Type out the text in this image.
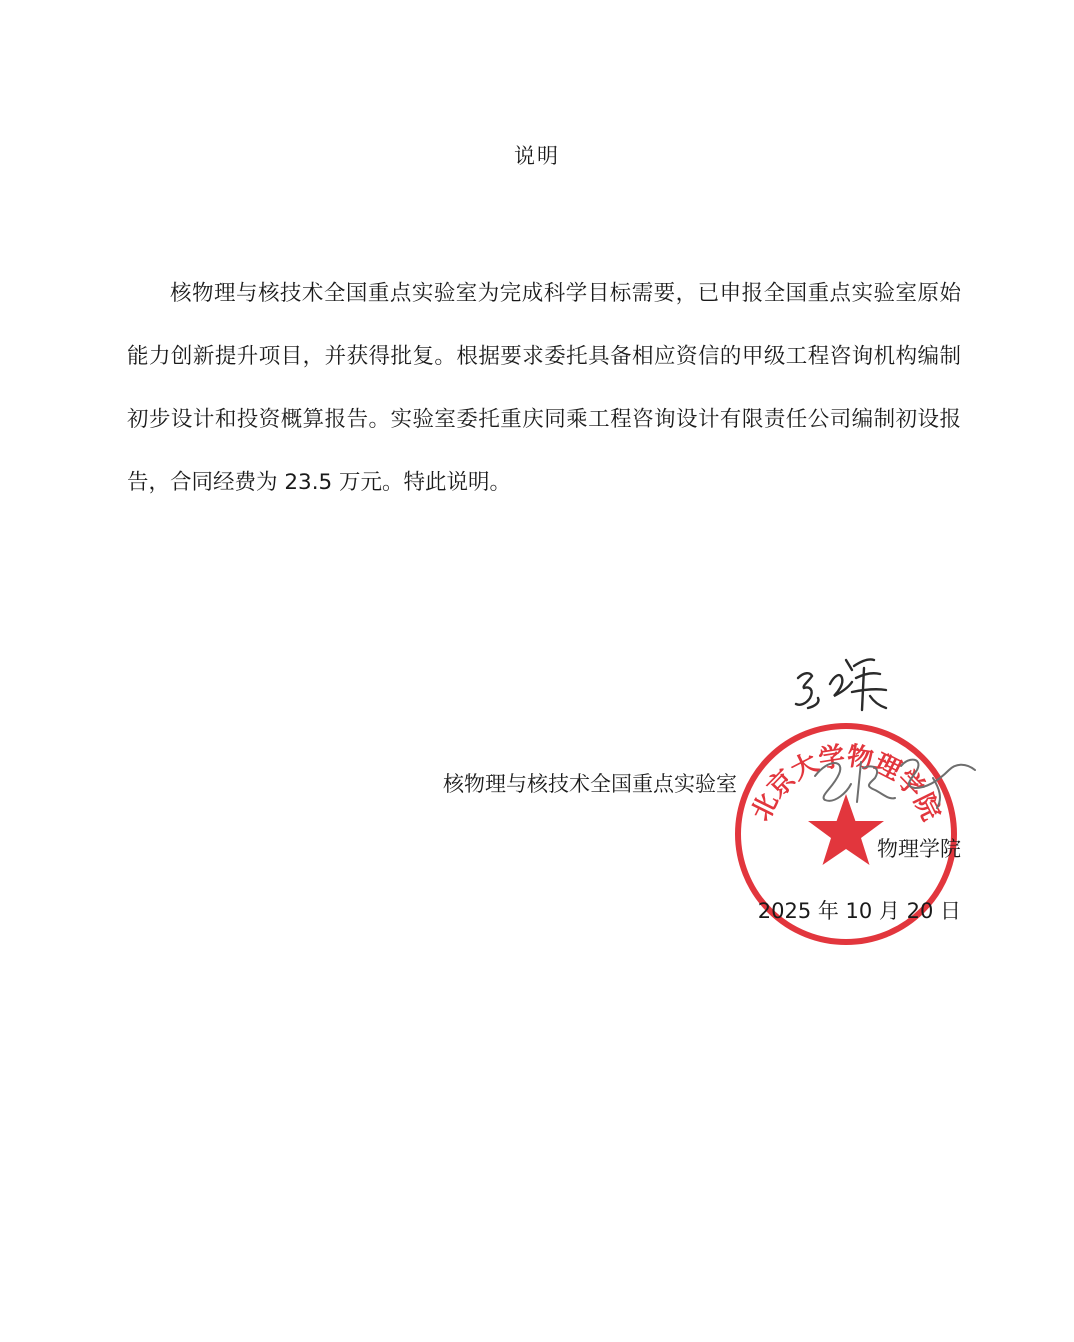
说明

核物理与核技术全国重点实验室为完成科学目标需要，已申报全国重点实验室原始能力创新提升项目，并获得批复。根据要求委托具备相应资信的甲级工程咨询机构编制初步设计和投资概算报告。实验室委托重庆同乘工程咨询设计有限责任公司编制初设报告，合同经费为 23.5 万元。特此说明。

核物理与核技术全国重点实验室
北京大学物理学院
物理学院
2025 年 10 月 20 日
